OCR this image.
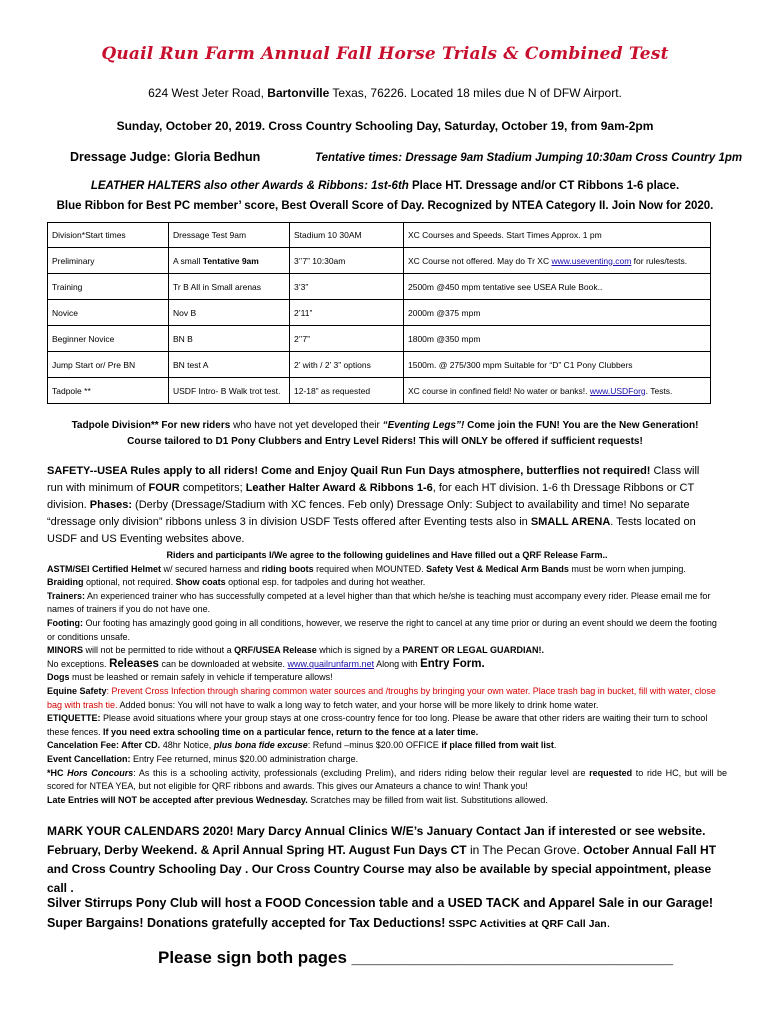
Quail Run Farm Annual Fall Horse Trials & Combined Test
624 West Jeter Road, Bartonville Texas, 76226. Located 18 miles due N of DFW Airport.
Sunday, October 20, 2019. Cross Country Schooling Day, Saturday, October 19, from 9am-2pm
Dressage Judge: Gloria Bedhun	Tentative times: Dressage 9am Stadium Jumping 10:30am Cross Country 1pm
LEATHER HALTERS also other Awards & Ribbons: 1st-6th Place HT. Dressage and/or CT Ribbons 1-6 place.
Blue Ribbon for Best PC member’ score, Best Overall Score of Day. Recognized by NTEA Category II. Join Now for 2020.
Division*Start times	Dressage Test 9am	Stadium 10 30AM	XC Courses and Speeds. Start Times Approx. 1 pm
Preliminary	A small Tentative 9am	3’’7” 10:30am	XC Course not offered. May do Tr XC www.useventing.com for rules/tests.
Training	Tr B All in Small arenas	3’3”	2500m @450 mpm tentative see USEA Rule Book..
Novice	Nov B	2’11”	2000m @375 mpm
Beginner Novice	BN B	2’’7”	1800m @350 mpm
Jump Start or/ Pre BN	BN test A	2’ with / 2’ 3” options	1500m. @ 275/300 mpm Suitable for “D” C1 Pony Clubbers
Tadpole **	USDF Intro- B Walk trot test.	12-18” as requested	XC course in confined field! No water or banks!. www.USDForg. Tests.
Tadpole Division** For new riders who have not yet developed their “Eventing Legs”! Come join the FUN! You are the New Generation!
Course tailored to D1 Pony Clubbers and Entry Level Riders! This will ONLY be offered if sufficient requests!
SAFETY--USEA Rules apply to all riders! Come and Enjoy Quail Run Fun Days atmosphere, butterflies not required! Class will run with minimum of FOUR competitors; Leather Halter Award & Ribbons 1-6, for each HT division. 1-6 th Dressage Ribbons or CT division. Phases: (Derby (Dressage/Stadium with XC fences. Feb only) Dressage Only: Subject to availability and time! No separate “dressage only division” ribbons unless 3 in division USDF Tests offered after Eventing tests also in SMALL ARENA. Tests located on USDF and US Eventing websites above.
Riders and participants I/We agree to the following guidelines and Have filled out a QRF Release Farm..
ASTM/SEI Certified Helmet w/ secured harness and riding boots required when MOUNTED. Safety Vest & Medical Arm Bands must be worn when jumping.
Braiding optional, not required. Show coats optional esp. for tadpoles and during hot weather.
Trainers: An experienced trainer who has successfully competed at a level higher than that which he/she is teaching must accompany every rider. Please email me for names of trainers if you do not have one.
Footing: Our footing has amazingly good going in all conditions, however, we reserve the right to cancel at any time prior or during an event should we deem the footing or conditions unsafe.
MINORS will not be permitted to ride without a QRF/USEA Release which is signed by a PARENT OR LEGAL GUARDIAN!.
No exceptions. Releases can be downloaded at website. www.quailrunfarm.net Along with Entry Form.
Dogs must be leashed or remain safely in vehicle if temperature allows!
Equine Safety: Prevent Cross Infection through sharing common water sources and /troughs by bringing your own water. Place trash bag in bucket, fill with water, close bag with trash tie. Added bonus: You will not have to walk a long way to fetch water, and your horse will be more likely to drink home water.
ETIQUETTE: Please avoid situations where your group stays at one cross-country fence for too long. Please be aware that other riders are waiting their turn to school these fences. If you need extra schooling time on a particular fence, return to the fence at a later time.
Cancelation Fee: After CD. 48hr Notice, plus bona fide excuse: Refund –minus $20.00 OFFICE if place filled from wait list.
Event Cancellation: Entry Fee returned, minus $20.00 administration charge.
*HC Hors Concours: As this is a schooling activity, professionals (excluding Prelim), and riders riding below their regular level are requested to ride HC, but will be scored for NTEA YEA, but not eligible for QRF ribbons and awards. This gives our Amateurs a chance to win! Thank you!
Late Entries will NOT be accepted after previous Wednesday. Scratches may be filled from wait list. Substitutions allowed.
MARK YOUR CALENDARS 2020! Mary Darcy Annual Clinics W/E’s January Contact Jan if interested or see website.
February, Derby Weekend. & April Annual Spring HT. August Fun Days CT in The Pecan Grove. October Annual Fall HT
and Cross Country Schooling Day . Our Cross Country Course may also be available by special appointment, please call .
Silver Stirrups Pony Club will host a FOOD Concession table and a USED TACK and Apparel Sale in our Garage!
Super Bargains! Donations gratefully accepted for Tax Deductions! SSPC Activities at QRF Call Jan.
Please sign both pages __________________________________
